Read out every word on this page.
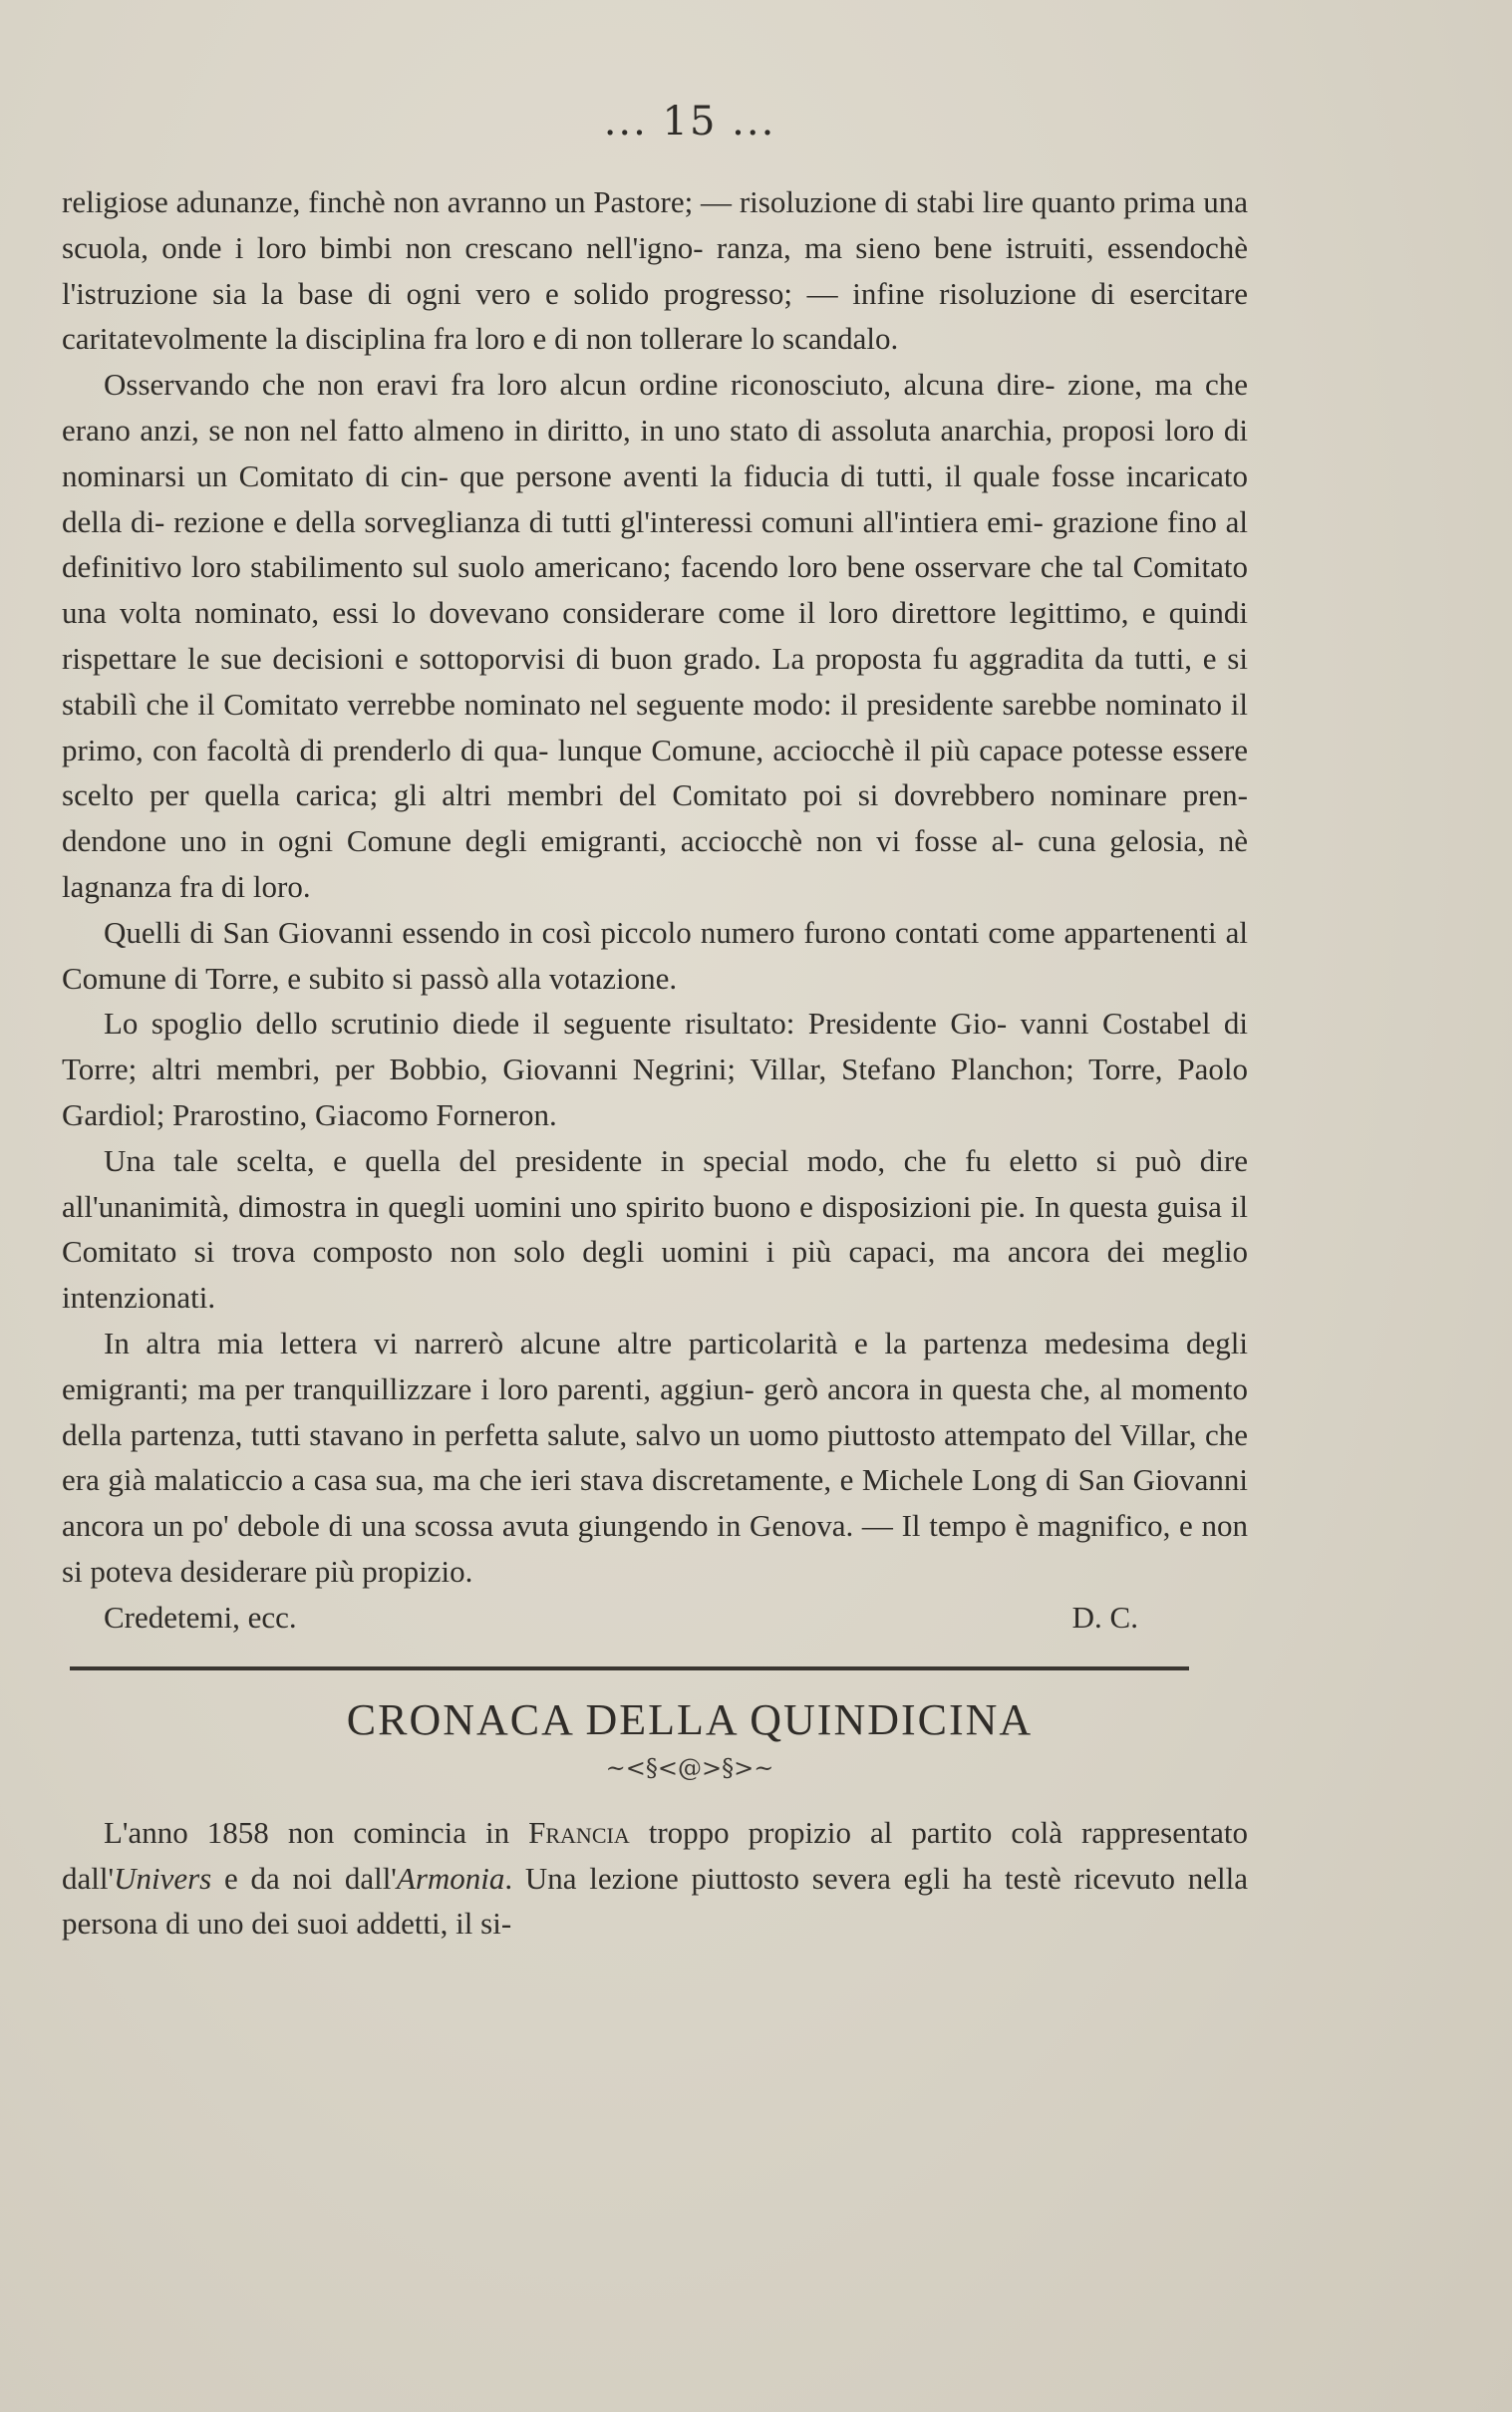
... 15 ...

religiose adunanze, finchè non avranno un Pastore; — risoluzione di stabi lire quanto prima una scuola, onde i loro bimbi non crescano nell'igno- ranza, ma sieno bene istruiti, essendochè l'istruzione sia la base di ogni vero e solido progresso; — infine risoluzione di esercitare caritatevolmente la disciplina fra loro e di non tollerare lo scandalo.

Osservando che non eravi fra loro alcun ordine riconosciuto, alcuna dire- zione, ma che erano anzi, se non nel fatto almeno in diritto, in uno stato di assoluta anarchia, proposi loro di nominarsi un Comitato di cin- que persone aventi la fiducia di tutti, il quale fosse incaricato della di- rezione e della sorveglianza di tutti gl'interessi comuni all'intiera emi- grazione fino al definitivo loro stabilimento sul suolo americano; facendo loro bene osservare che tal Comitato una volta nominato, essi lo dovevano considerare come il loro direttore legittimo, e quindi rispettare le sue decisioni e sottoporvisi di buon grado. La proposta fu aggradita da tutti, e si stabilì che il Comitato verrebbe nominato nel seguente modo: il presidente sarebbe nominato il primo, con facoltà di prenderlo di qua- lunque Comune, acciocchè il più capace potesse essere scelto per quella carica; gli altri membri del Comitato poi si dovrebbero nominare pren- dendone uno in ogni Comune degli emigranti, acciocchè non vi fosse al- cuna gelosia, nè lagnanza fra di loro.

Quelli di San Giovanni essendo in così piccolo numero furono contati come appartenenti al Comune di Torre, e subito si passò alla votazione.

Lo spoglio dello scrutinio diede il seguente risultato: Presidente Gio- vanni Costabel di Torre; altri membri, per Bobbio, Giovanni Negrini; Villar, Stefano Planchon; Torre, Paolo Gardiol; Prarostino, Giacomo Forneron.

Una tale scelta, e quella del presidente in special modo, che fu eletto si può dire all'unanimità, dimostra in quegli uomini uno spirito buono e disposizioni pie. In questa guisa il Comitato si trova composto non solo degli uomini i più capaci, ma ancora dei meglio intenzionati.

In altra mia lettera vi narrerò alcune altre particolarità e la partenza medesima degli emigranti; ma per tranquillizzare i loro parenti, aggiun- gerò ancora in questa che, al momento della partenza, tutti stavano in perfetta salute, salvo un uomo piuttosto attempato del Villar, che era già malaticcio a casa sua, ma che ieri stava discretamente, e Michele Long di San Giovanni ancora un po' debole di una scossa avuta giungendo in Genova. — Il tempo è magnifico, e non si poteva desiderare più propizio.

Credetemi, ecc.	D. C.
CRONACA DELLA QUINDICINA
~<§<@>§>~

L'anno 1858 non comincia in Francia troppo propizio al partito colà rappresentato dall'Univers e da noi dall'Armonia. Una lezione piuttosto severa egli ha testè ricevuto nella persona di uno dei suoi addetti, il si-
